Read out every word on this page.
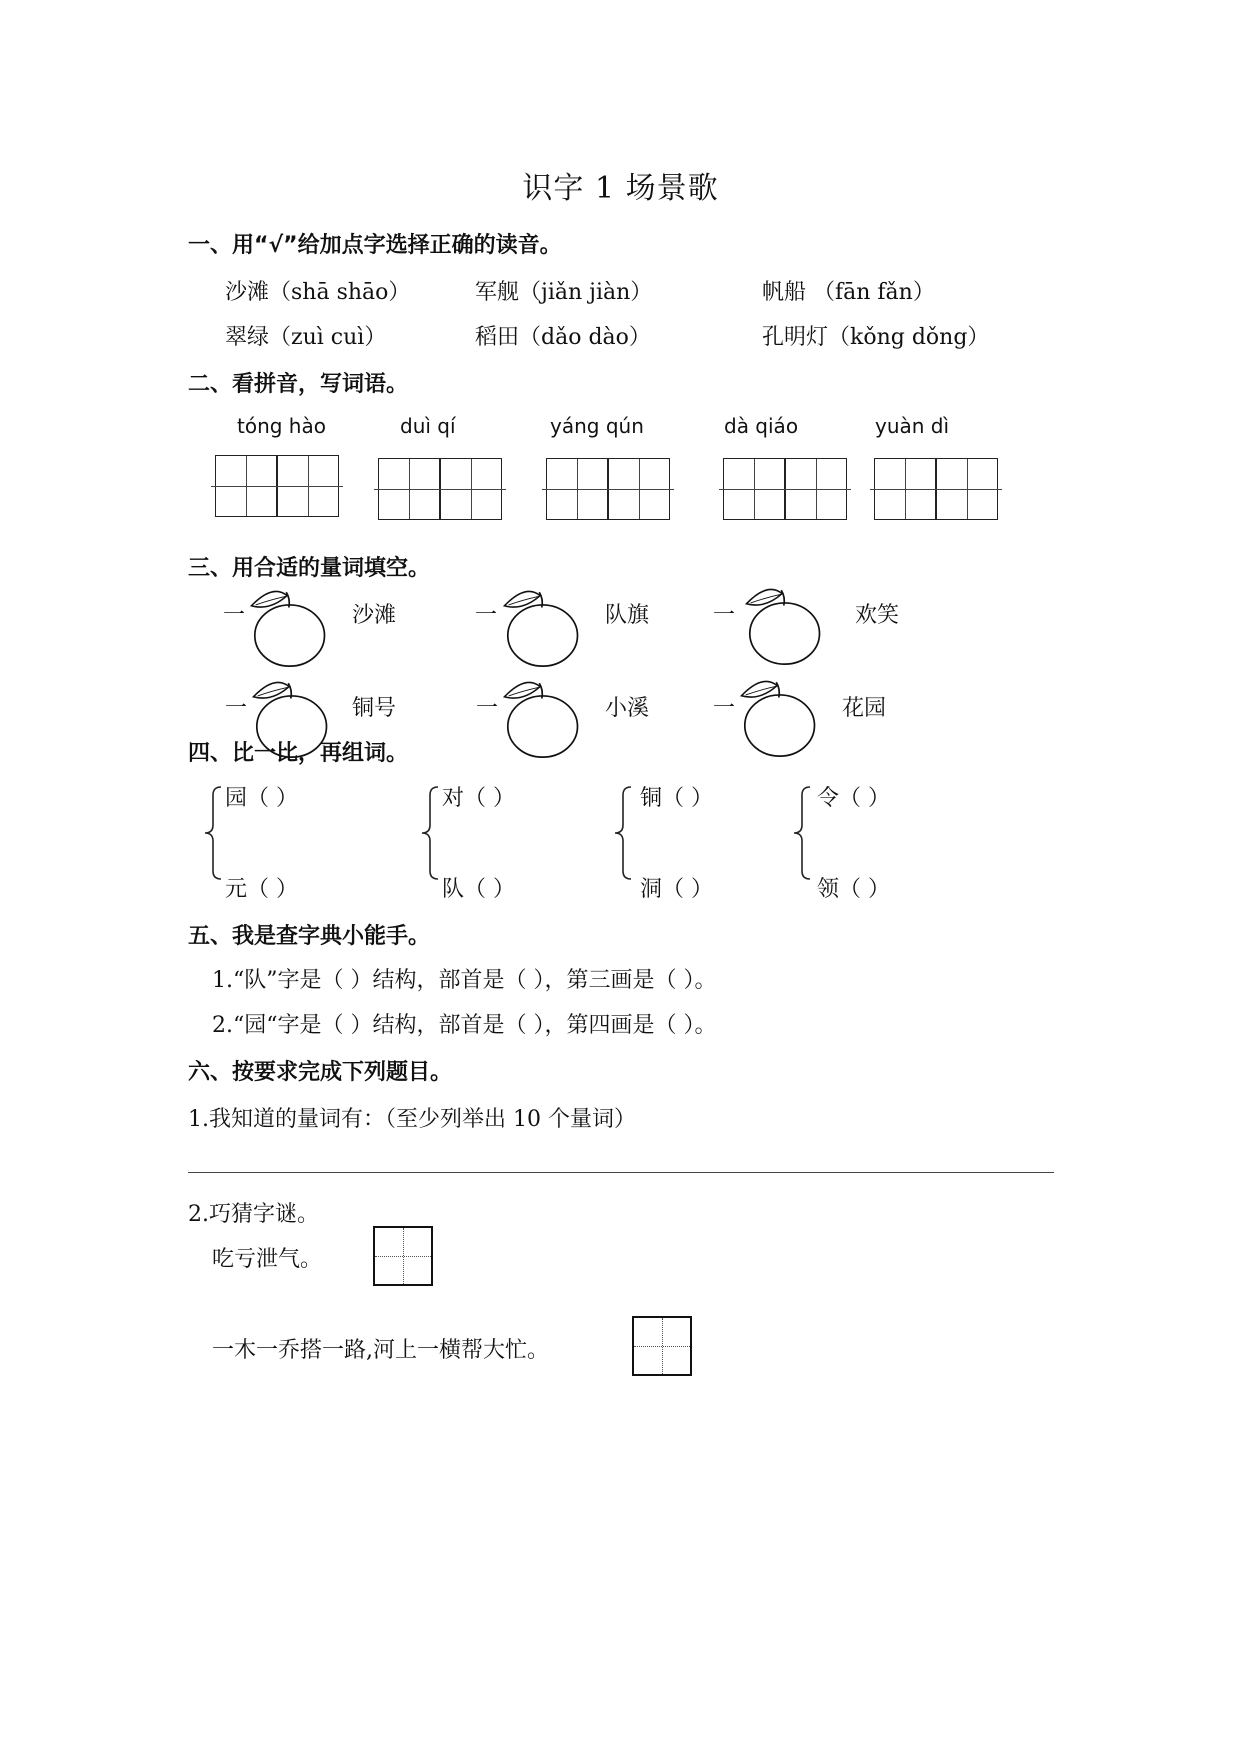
识字 1 场景歌
一、用“√”给加点字选择正确的读音。
沙滩（shā shāo）	军舰（jiǎn jiàn）	帆船 （fān fǎn）
翠绿（zuì cuì）	稻田（dǎo dào）	孔明灯（kǒng dǒng）
二、看拼音，写词语。
tóng hào	duì qí	yáng qún	dà qiáo	yuàn dì
三、用合适的量词填空。
一	沙滩	一	队旗	一	欢笑
一	铜号	一	小溪	一	花园
四、比一比，再组词。
园（ ）
元（ ）
对（ ）
队（ ）
铜（ ）
洞（ ）
令（ ）
领（ ）
五、我是查字典小能手。
1.“队”字是（ ）结构，部首是（ ），第三画是（ ）。
2.“园“字是（ ）结构，部首是（ ），第四画是（ ）。
六、按要求完成下列题目。
1.我知道的量词有：（至少列举出 10 个量词）
2.巧猜字谜。
吃亏泄气。
一木一乔搭一路,河上一横帮大忙。
